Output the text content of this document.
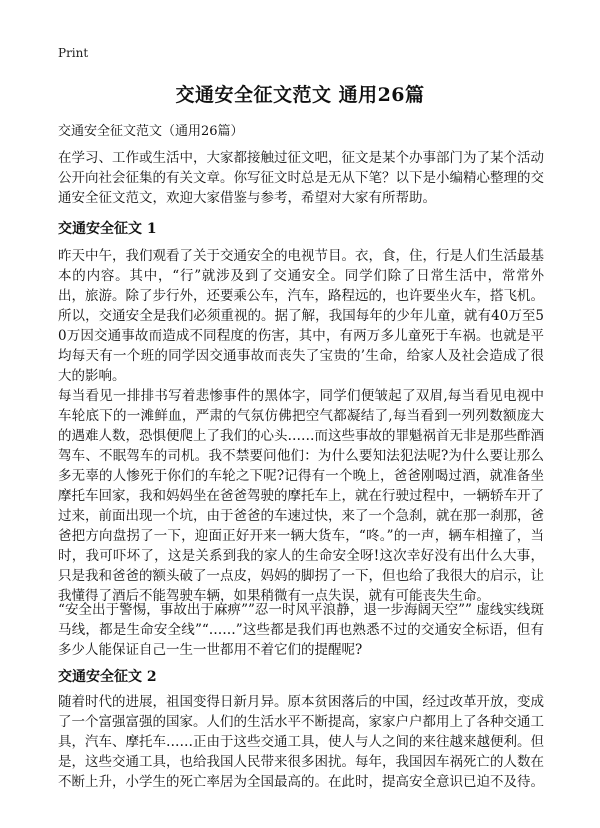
Print
交通安全征文范文 通用26篇
交通安全征文范文（通用26篇）
在学习、工作或生活中，大家都接触过征文吧，征文是某个办事部门为了某个活动公开向社会征集的有关文章。你写征文时总是无从下笔？以下是小编精心整理的交通安全征文范文，欢迎大家借鉴与参考，希望对大家有所帮助。
交通安全征文 1
昨天中午，我们观看了关于交通安全的电视节目。衣，食，住，行是人们生活最基本的内容。其中，“行”就涉及到了交通安全。同学们除了日常生活中，常常外出，旅游。除了步行外，还要乘公车，汽车，路程远的，也许要坐火车，搭飞机。所以，交通安全是我们必须重视的。据了解，我国每年的少年儿童，就有40万至50万因交通事故而造成不同程度的伤害，其中，有两万多儿童死于车祸。也就是平均每天有一个班的同学因交通事故而丧失了宝贵的’生命，给家人及社会造成了很大的影响。
每当看见一排排书写着悲惨事件的黑体字，同学们便皱起了双眉,每当看见电视中车轮底下的一滩鲜血，严肃的气氛仿佛把空气都凝结了,每当看到一列列数额庞大的遇难人数，恐惧便爬上了我们的心头……而这些事故的罪魁祸首无非是那些酢酒驾车、不眠驾车的司机。我不禁要问他们：为什么要知法犯法呢?为什么要让那么多无辜的人惨死于你们的车轮之下呢?记得有一个晚上，爸爸刚喝过酒，就准备坐摩托车回家，我和妈妈坐在爸爸驾驶的摩托车上，就在行驶过程中，一辆轿车开了过来，前面出现一个坑，由于爸爸的车速过快，来了一个急刹，就在那一刹那，爸爸把方向盘拐了一下，迎面正好开来一辆大货车，“咚。”的一声，辆车相撞了，当时，我可吓坏了，这是关系到我的家人的生命安全呀!这次幸好没有出什么大事，只是我和爸爸的额头破了一点皮，妈妈的脚拐了一下，但也给了我很大的启示，让我懂得了酒后不能驾驶车辆，如果稍微有一点失误，就有可能丧失生命。
“安全出于警惕，事故出于麻痹””忍一时风平浪静，退一步海阔天空”” 虚线实线斑马线，都是生命安全线”“……”这些都是我们再也熟悉不过的交通安全标语，但有多少人能保证自己一生一世都用不着它们的提醒呢?
交通安全征文 2
随着时代的进展，祖国变得日新月异。原本贫困落后的中国，经过改革开放，变成了一个富强富强的国家。人们的生活水平不断提高，家家户户都用上了各种交通工具，汽车、摩托车……正由于这些交通工具，使人与人之间的来往越来越便利。但是，这些交通工具，也给我国人民带来很多困扰。每年，我国因车祸死亡的人数在不断上升，小学生的死亡率居为全国最高的。在此时，提高安全意识已迫不及待。
